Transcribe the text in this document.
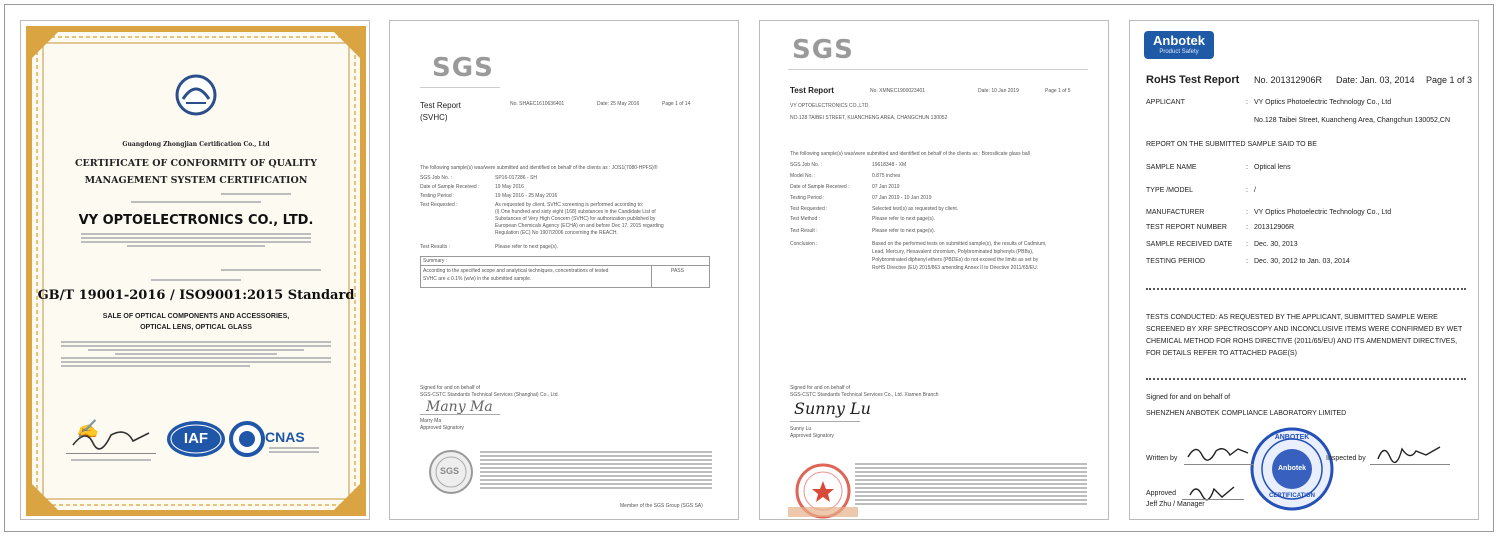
Guangdong Zhongjian Certification Co., Ltd
CERTIFICATE OF CONFORMITY OF QUALITY
MANAGEMENT SYSTEM CERTIFICATION
VY OPTOELECTRONICS CO., LTD.
GB/T 19001-2016 / ISO9001:2015 Standard
SALE OF OPTICAL COMPONENTS AND ACCESSORIES,
OPTICAL LENS, OPTICAL GLASS
✍	IAF	CNAS
SGS
Test Report
(SVHC)
No. SHAEC1610636401	Date: 25 May 2016	Page 1 of 14
The following sample(s) was/were submitted and identified on behalf of the clients as : JOS1(7080-HPFS)®
SGS Job No. :	SP16-017286 - SH
Date of Sample Received :	19 May 2016
Testing Period :	19 May 2016 - 25 May 2016
Test Requested :	As requested by client, SVHC screening is performed according to:
(i) One hundred and sixty eight (168) substances in the Candidate List of
Substances of Very High Concern (SVHC) for authorization published by
European Chemicals Agency (ECHA) on and before Dec 17, 2015 regarding
Regulation (EC) No 1907/2006 concerning the REACH.
Test Results :	Please refer to next page(s).
Summary :
According to the specified scope and analytical techniques, concentrations of tested
SVHC are ≤ 0.1% (w/w) in the submitted sample.
PASS
Signed for and on behalf of
SGS-CSTC Standards Technical Services (Shanghai) Co., Ltd.
Many Ma
Marry Ma
Approved Signatory
SGS
Member of the SGS Group (SGS SA)
SGS
Test Report	No. XMNEC1900023401	Date: 10 Jan 2019	Page 1 of 5
VY OPTOELECTRONICS CO.,LTD.
NO.128 TAIBEI STREET, KUANCHENG AREA, CHANGCHUN 130052
The following sample(s) was/were submitted and identified on behalf of the clients as : Borosilicate glass ball
SGS Job No. :	19618348 - XM
Model No. :	0.875 inches
Date of Sample Received :	07 Jan 2019
Testing Period :	07 Jan 2019 - 10 Jan 2019
Test Requested :	Selected test(s) as requested by client.
Test Method :	Please refer to next page(s).
Test Result :	Please refer to next page(s).
Conclusion :	Based on the performed tests on submitted sample(s), the results of Cadmium,
Lead, Mercury, Hexavalent chromium, Polybrominated biphenyls (PBBs),
Polybrominated diphenyl ethers (PBDEs) do not exceed the limits as set by
RoHS Directive (EU) 2015/863 amending Annex II to Directive 2011/65/EU.
Signed for and on behalf of
SGS-CSTC Standards Technical Services Co., Ltd. Xiamen Branch
Sunny Lu
Sunny Lu
Approved Signatory
Anbotek
Product Safety
RoHS Test Report No. 201312906R Date: Jan. 03, 2014 Page 1 of 3
APPLICANT	: VY Optics Photoelectric Technology Co., Ltd
No.128 Taibei Street, Kuancheng Area, Changchun 130052,CN
REPORT ON THE SUBMITTED SAMPLE SAID TO BE
SAMPLE NAME	: Optical lens
TYPE /MODEL	: /
MANUFACTURER	: VY Optics Photoelectric Technology Co., Ltd
TEST REPORT NUMBER	: 201312906R
SAMPLE RECEIVED DATE : Dec. 30, 2013
TESTING PERIOD	: Dec. 30, 2012 to Jan. 03, 2014
TESTS CONDUCTED: AS REQUESTED BY THE APPLICANT, SUBMITTED SAMPLE WERE
SCREENED BY XRF SPECTROSCOPY AND INCONCLUSIVE ITEMS WERE CONFIRMED BY WET
CHEMICAL METHOD FOR ROHS DIRECTIVE (2011/65/EU) AND ITS AMENDMENT DIRECTIVES,
FOR DETAILS REFER TO ATTACHED PAGE(S)
Signed for and on behalf of
SHENZHEN ANBOTEK COMPLIANCE LABORATORY LIMITED
ANBOTEK
Anbotek
CERTIFICATION
Written by	Inspected by
Approved
Jeff Zhu / Manager
